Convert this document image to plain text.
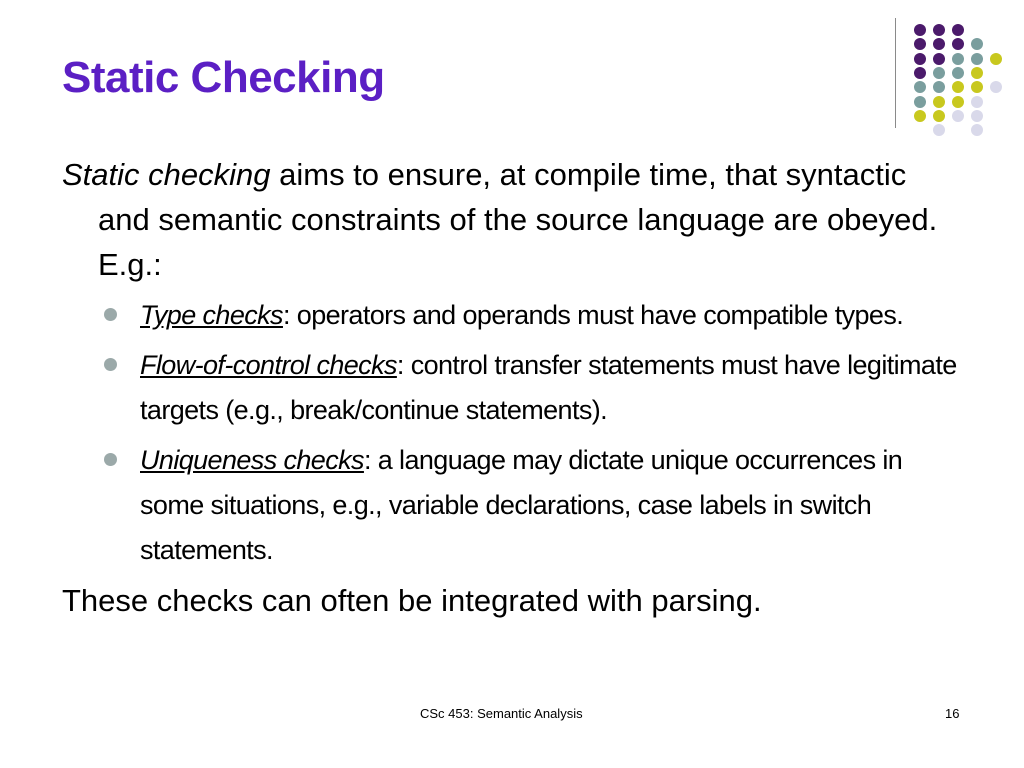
Static Checking

Static checking aims to ensure, at compile time, that syntactic and semantic constraints of the source language are obeyed. E.g.:

Type checks: operators and operands must have compatible types.
Flow-of-control checks: control transfer statements must have legitimate targets (e.g., break/continue statements).
Uniqueness checks: a language may dictate unique occurrences in some situations, e.g., variable declarations, case labels in switch statements.

These checks can often be integrated with parsing.

CSc 453: Semantic Analysis	16
